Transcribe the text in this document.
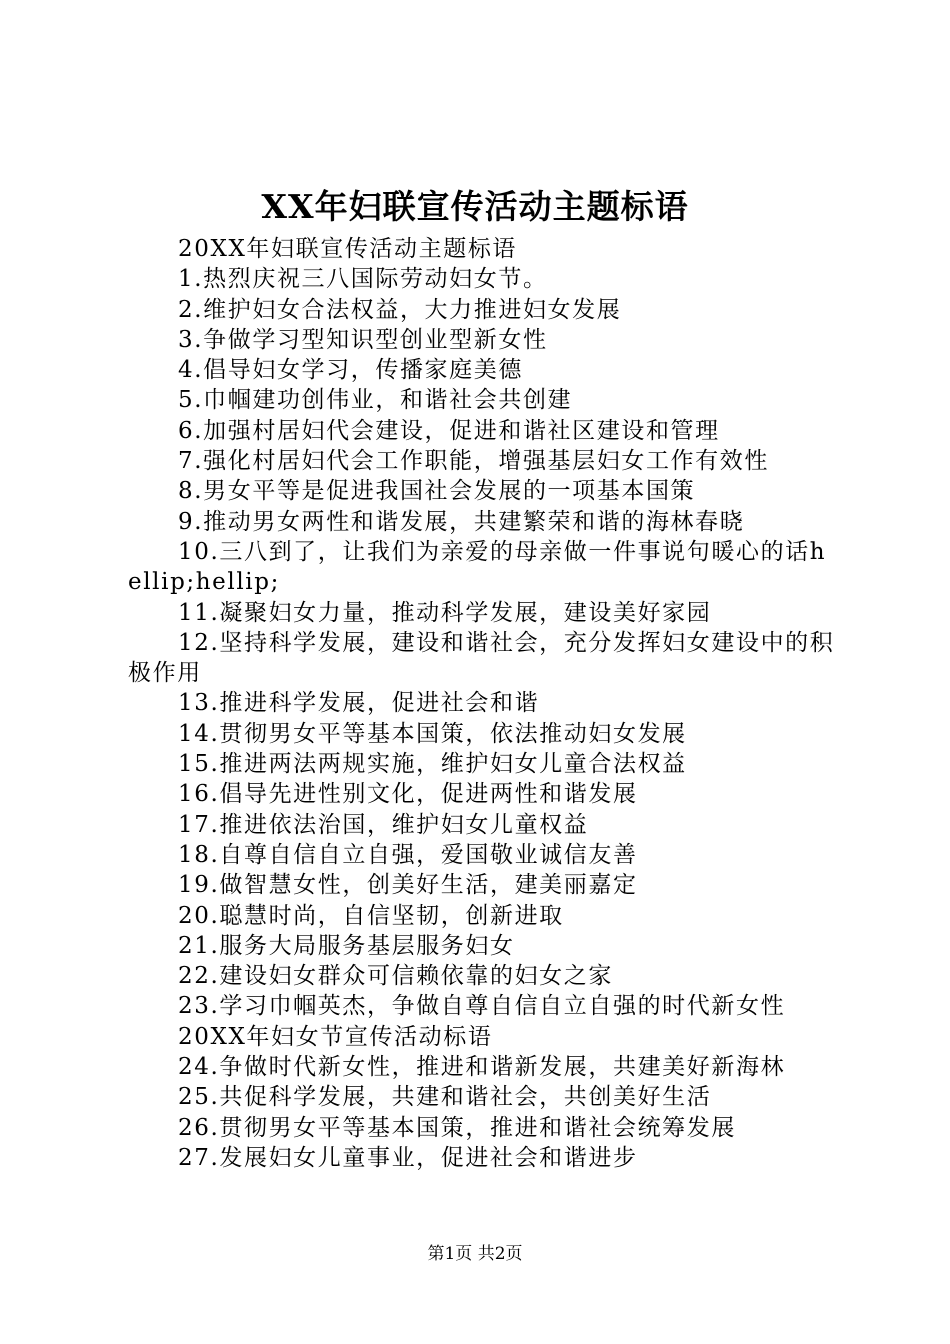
XX年妇联宣传活动主题标语

20XX年妇联宣传活动主题标语

1.热烈庆祝三八国际劳动妇女节。

2.维护妇女合法权益，大力推进妇女发展

3.争做学习型知识型创业型新女性

4.倡导妇女学习，传播家庭美德

5.巾帼建功创伟业，和谐社会共创建

6.加强村居妇代会建设，促进和谐社区建设和管理

7.强化村居妇代会工作职能，增强基层妇女工作有效性

8.男女平等是促进我国社会发展的一项基本国策

9.推动男女两性和谐发展，共建繁荣和谐的海林春晓

10.三八到了，让我们为亲爱的母亲做一件事说句暖心的话hellip;hellip;

11.凝聚妇女力量，推动科学发展，建设美好家园

12.坚持科学发展，建设和谐社会，充分发挥妇女建设中的积极作用

13.推进科学发展，促进社会和谐

14.贯彻男女平等基本国策，依法推动妇女发展

15.推进两法两规实施，维护妇女儿童合法权益

16.倡导先进性别文化，促进两性和谐发展

17.推进依法治国，维护妇女儿童权益

18.自尊自信自立自强，爱国敬业诚信友善

19.做智慧女性，创美好生活，建美丽嘉定

20.聪慧时尚，自信坚韧，创新进取

21.服务大局服务基层服务妇女

22.建设妇女群众可信赖依靠的妇女之家

23.学习巾帼英杰，争做自尊自信自立自强的时代新女性

20XX年妇女节宣传活动标语

24.争做时代新女性，推进和谐新发展，共建美好新海林

25.共促科学发展，共建和谐社会，共创美好生活

26.贯彻男女平等基本国策，推进和谐社会统筹发展

27.发展妇女儿童事业，促进社会和谐进步

第1页 共2页
